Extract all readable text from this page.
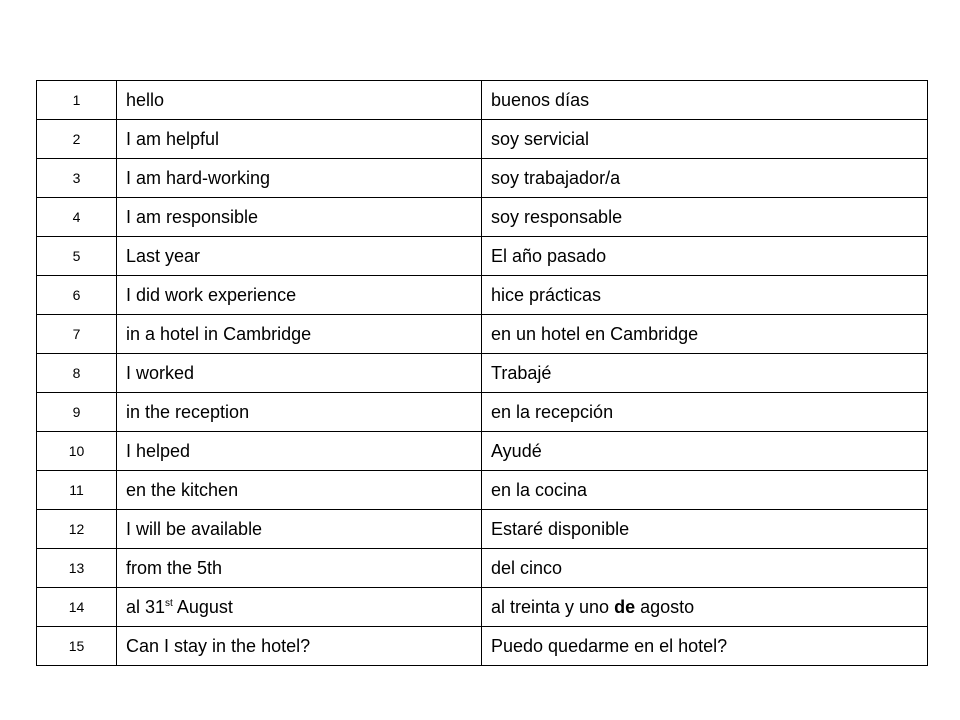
1	hello	buenos días
2	I am helpful	soy servicial
3	I am hard-working	soy trabajador/a
4	I am responsible	soy responsable
5	Last year	El año pasado
6	I did work experience	hice prácticas
7	in a hotel in Cambridge	en un hotel en Cambridge
8	I worked	Trabajé
9	in the reception	en la recepción
10	I helped	Ayudé
11	en the kitchen	en la cocina
12	I will be available	Estaré disponible
13	from the 5th	del cinco
14	al 31st August	al treinta y uno de agosto
15	Can I stay in the hotel?	Puedo quedarme en el hotel?
